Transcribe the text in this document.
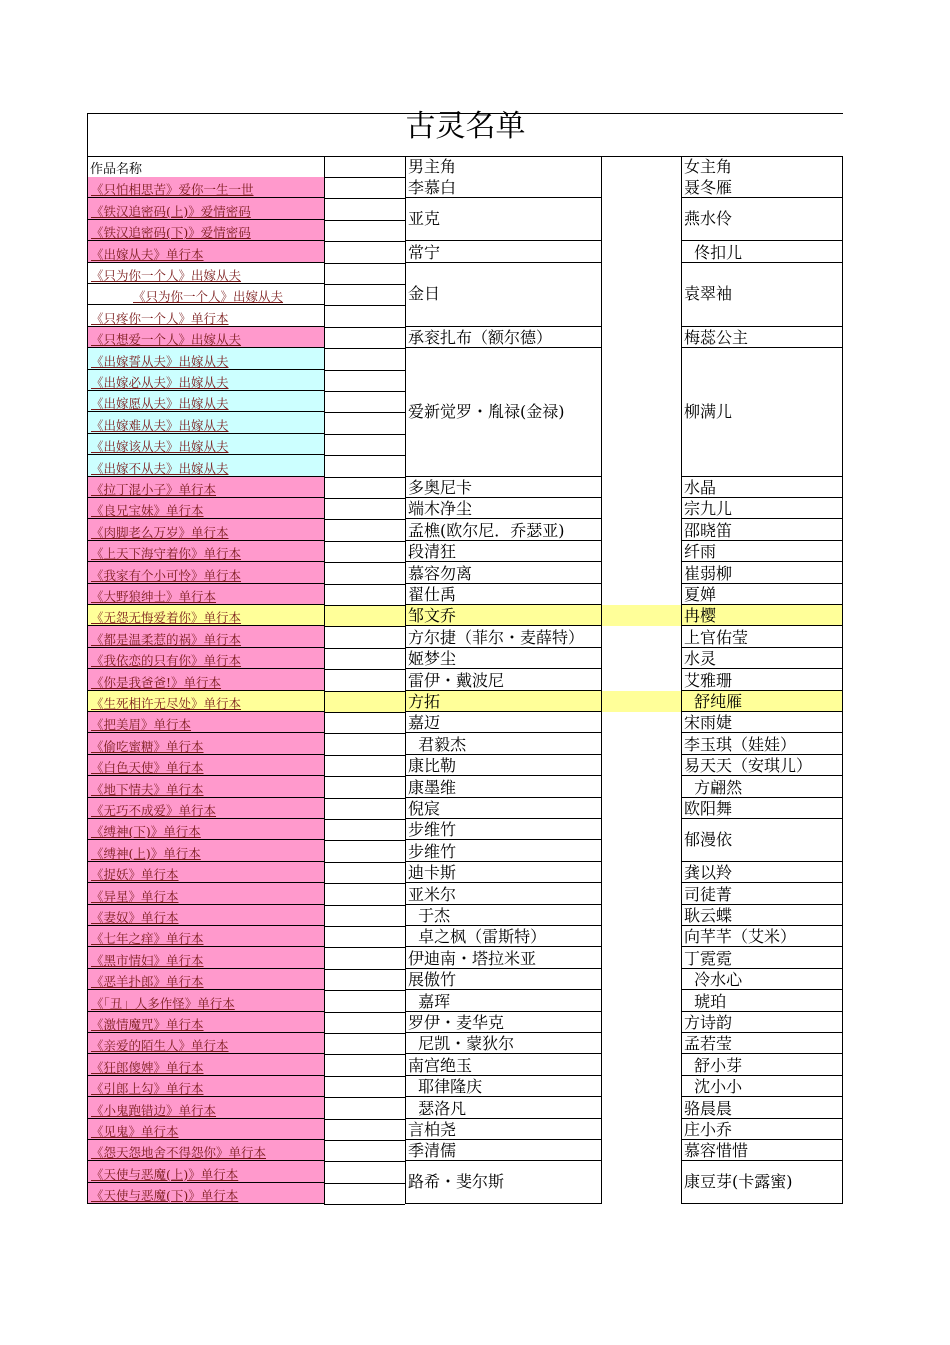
古灵名单
作品名称	男主角	女主角
《只怕相思苦》爱你一生一世
《铁汉追密码(上)》爱情密码
《铁汉追密码(下)》爱情密码
《出嫁从夫》单行本
《只为你一个人》出嫁从夫
《只为你一个人》出嫁从夫
《只疼你一个人》单行本
《只想爱一个人》出嫁从夫
《出嫁誓从夫》出嫁从夫
《出嫁必从夫》出嫁从夫
《出嫁愿从夫》出嫁从夫
《出嫁难从夫》出嫁从夫
《出嫁该从夫》出嫁从夫
《出嫁不从夫》出嫁从夫
《拉丁混小子》单行本
《良兄宝妹》单行本
《肉脚老么万岁》单行本
《上天下海守着你》单行本
《我家有个小可怜》单行本
《大野狼绅士》单行本
《无怨无悔爱着你》单行本
《都是温柔惹的祸》单行本
《我依恋的只有你》单行本
《你是我爸爸!》单行本
《生死相许无尽处》单行本
《把美眉》单行本
《偷吃蜜糖》单行本
《白色天使》单行本
《地下情夫》单行本
《无巧不成爱》单行本
《缚神(下)》单行本
《缚神(上)》单行本
《捉妖》单行本
《异星》单行本
《妻奴》单行本
《七年之痒》单行本
《黑市情妇》单行本
《恶羊扑郎》单行本
《「丑」人多作怪》单行本
《激情魔咒》单行本
《亲爱的陌生人》单行本
《狂郎傻婢》单行本
《引郎上勾》单行本
《小鬼跑错边》单行本
《见鬼》单行本
《怨天怨地舍不得怨你》单行本
《天使与恶魔(上)》单行本
《天使与恶魔(下)》单行本
李慕白
亚克
常宁
金日
承衮扎布（额尔德）
爱新觉罗・胤禄(金禄)
多奥尼卡
端木净尘
孟樵(欧尔尼．乔瑟亚)
段清狂
慕容勿离
翟仕禹
邹文乔
方尔捷（菲尔・麦薛特）
姬梦尘
雷伊・戴波尼
方拓
嘉迈
君毅杰
康比勒
康墨维
倪宸
步维竹
步维竹
迪卡斯
亚米尔
于杰
卓之枫（雷斯特）
伊迪南・塔拉米亚
展傲竹
嘉珲
罗伊・麦华克
尼凯・蒙狄尔
南宫绝玉
耶律隆庆
瑟洛凡
言柏尧
季清儒
路希・斐尔斯
聂冬雁
燕水伶
佟扣儿
袁翠袖
梅蕊公主
柳满儿
水晶
宗九儿
邵晓笛
纤雨
崔弱柳
夏婵
冉樱
上官佑莹
水灵
艾雅珊
舒纯雁
宋雨婕
李玉琪（娃娃）
易天天（安琪儿）
方翩然
欧阳舞
郁漫依
龚以羚
司徒菁
耿云蝶
向芊芊（艾米）
丁霓霓
冷水心
琥珀
方诗韵
孟若莹
舒小芽
沈小小
骆晨晨
庄小乔
慕容惜惜
康豆芽(卡露蜜)
